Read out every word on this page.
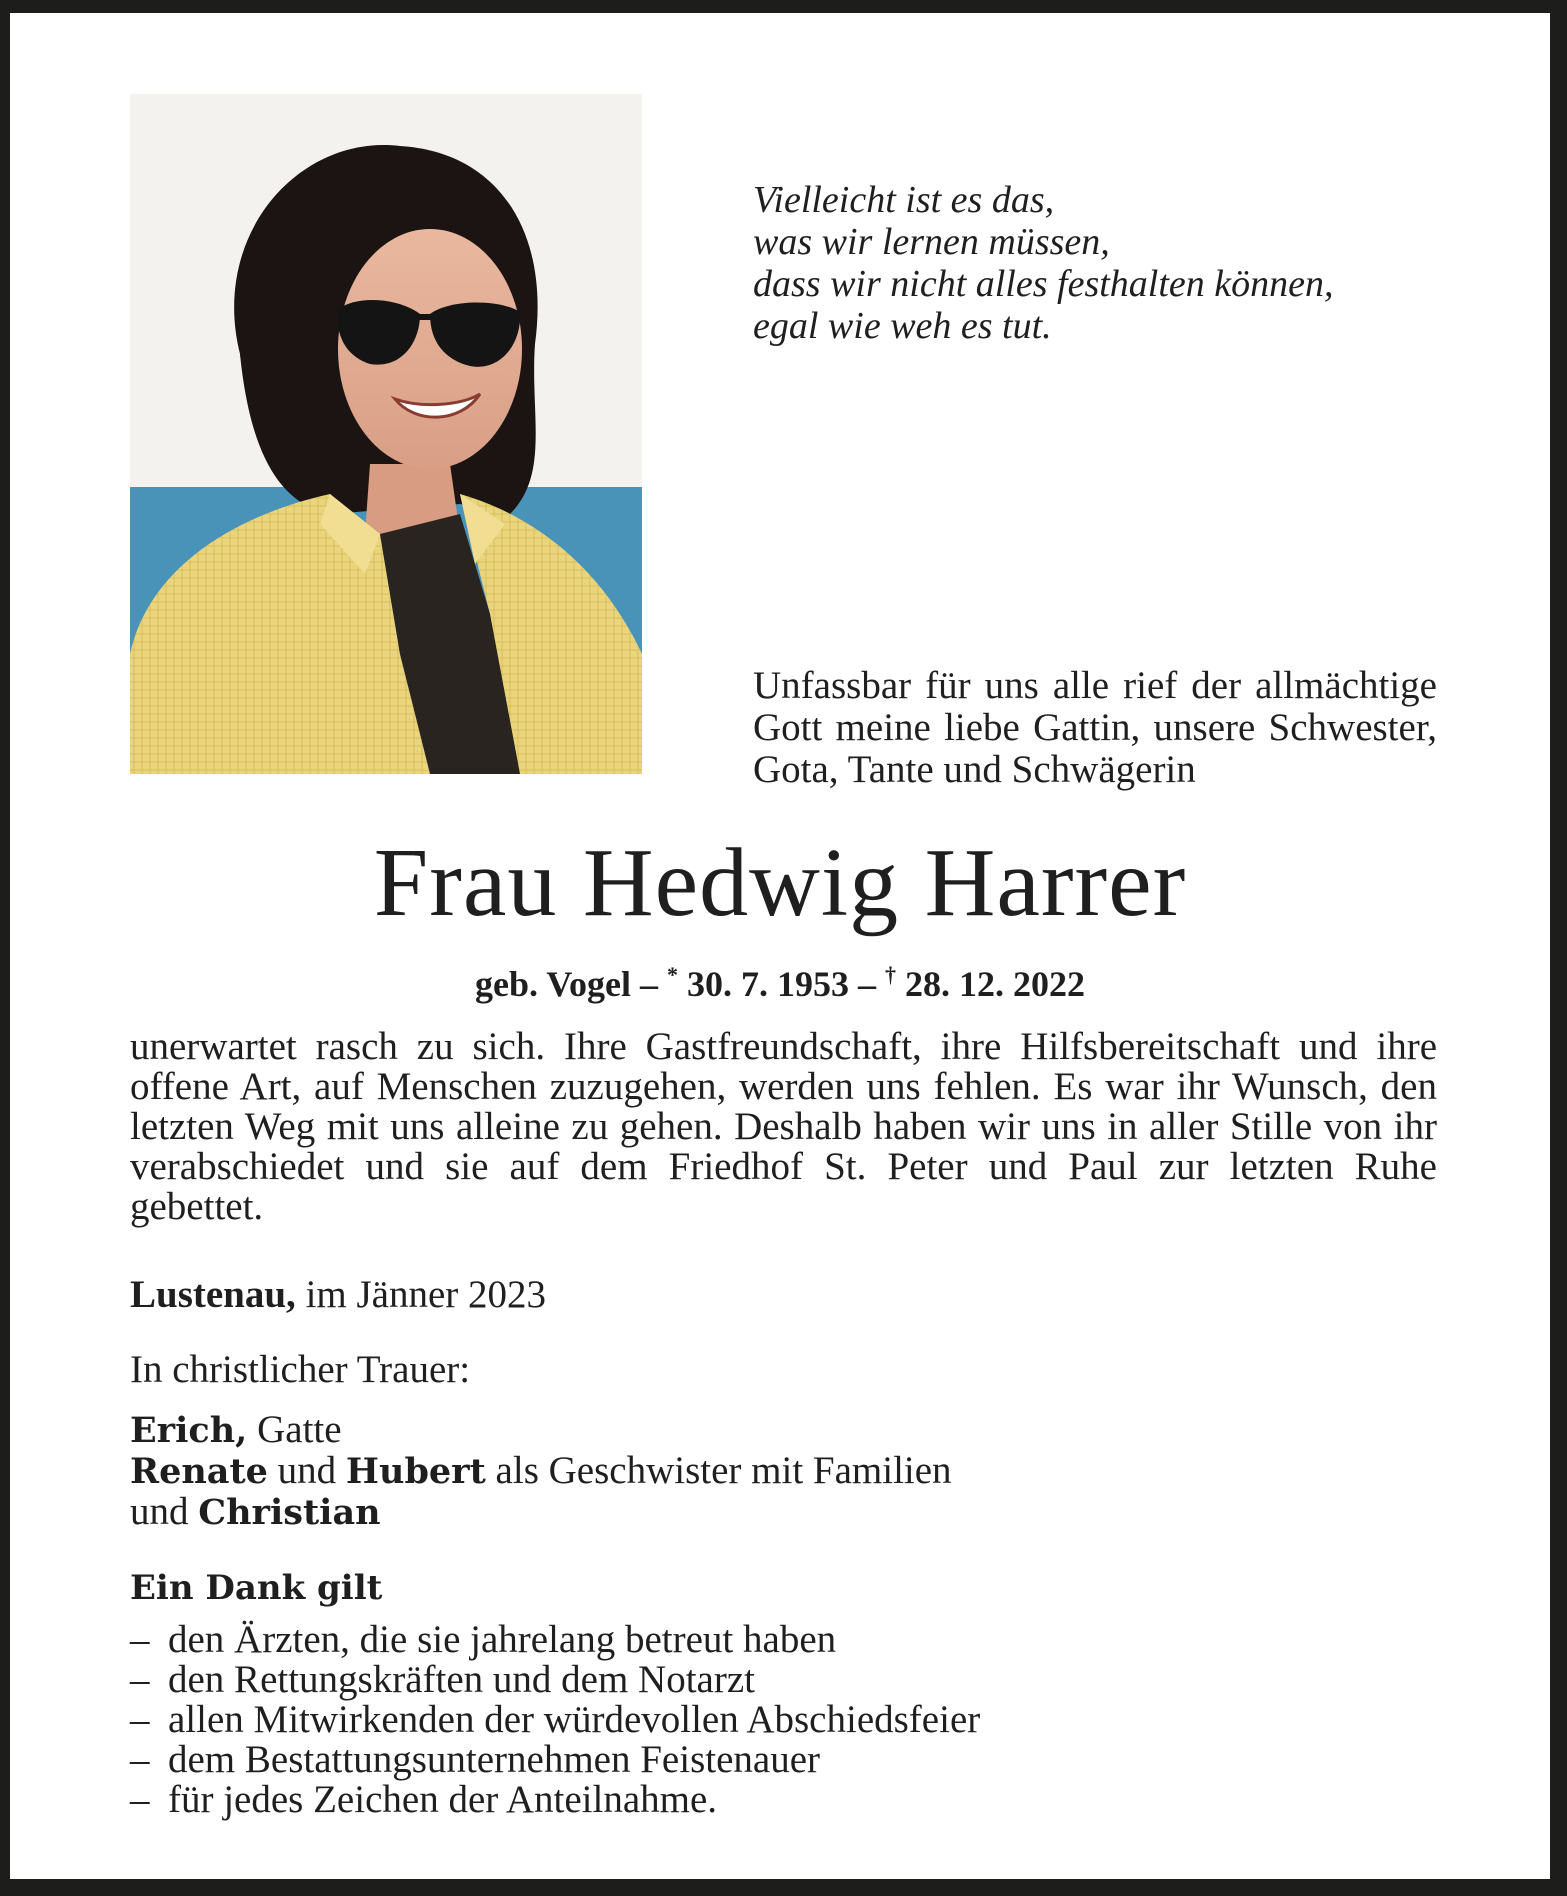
Vielleicht ist es das,
was wir lernen müssen,
dass wir nicht alles festhalten können,
egal wie weh es tut.
Unfassbar für uns alle rief der allmächtige Gott meine liebe Gattin, unsere Schwester, Gota, Tante und Schwägerin
Frau Hedwig Harrer
geb. Vogel – * 30. 7. 1953 – † 28. 12. 2022
unerwartet rasch zu sich. Ihre Gastfreundschaft, ihre Hilfsbereitschaft und ihre offene Art, auf Menschen zuzugehen, werden uns fehlen. Es war ihr Wunsch, den letzten Weg mit uns alleine zu gehen. Deshalb haben wir uns in aller Stille von ihr verabschiedet und sie auf dem Friedhof St. Peter und Paul zur letzten Ruhe gebettet.
Lustenau, im Jänner 2023
In christlicher Trauer:
Erich, Gatte
Renate und Hubert als Geschwister mit Familien
und Christian
Ein Dank gilt
– den Ärzten, die sie jahrelang betreut haben
– den Rettungskräften und dem Notarzt
– allen Mitwirkenden der würdevollen Abschiedsfeier
– dem Bestattungsunternehmen Feistenauer
– für jedes Zeichen der Anteilnahme.
